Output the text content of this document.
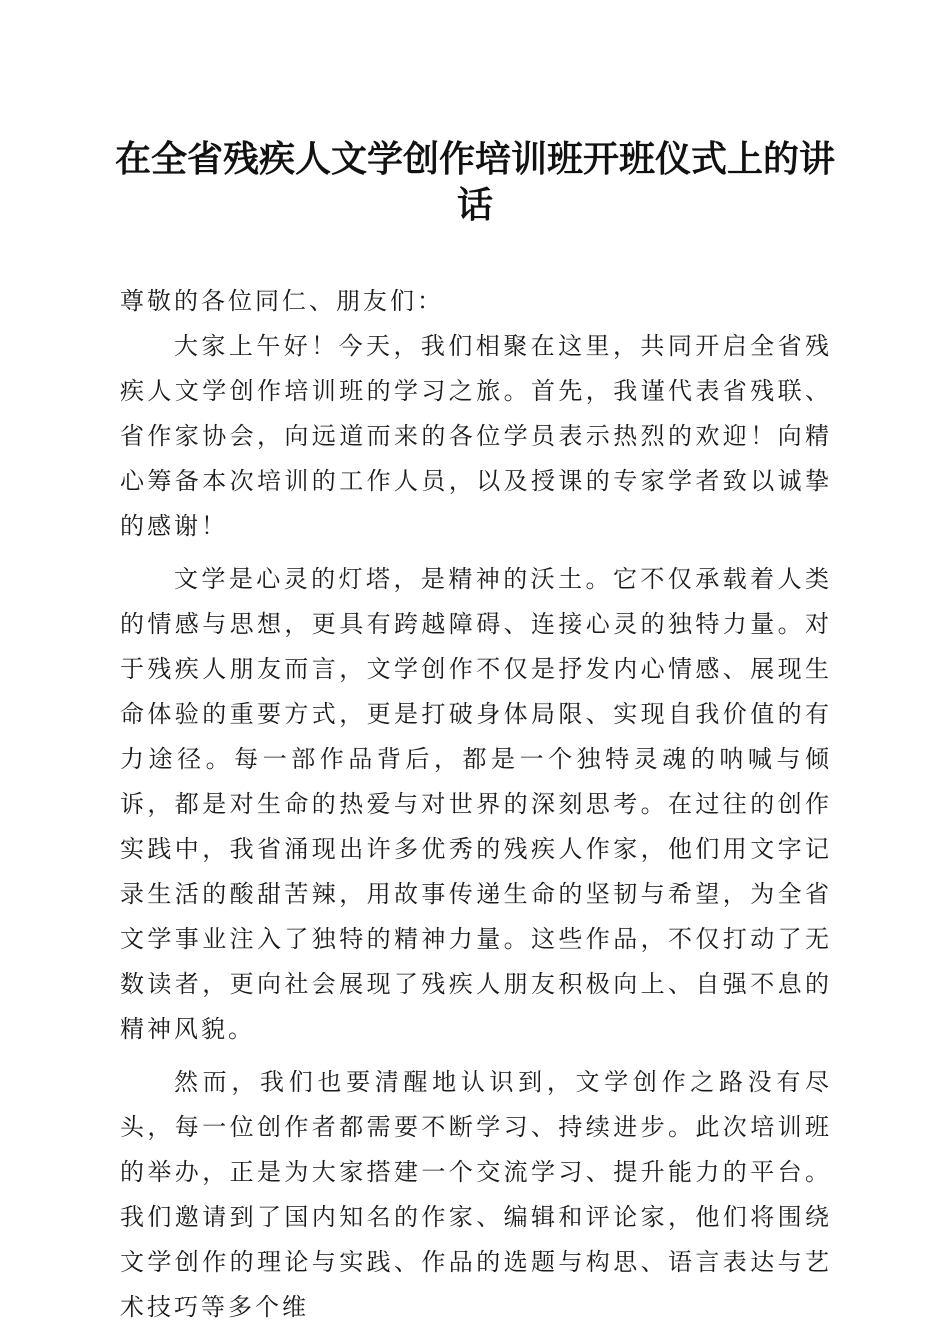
在全省残疾人文学创作培训班开班仪式上的讲话

尊敬的各位同仁、朋友们：

大家上午好！今天，我们相聚在这里，共同开启全省残疾人文学创作培训班的学习之旅。首先，我谨代表省残联、省作家协会，向远道而来的各位学员表示热烈的欢迎！向精心筹备本次培训的工作人员，以及授课的专家学者致以诚挚的感谢！

文学是心灵的灯塔，是精神的沃土。它不仅承载着人类的情感与思想，更具有跨越障碍、连接心灵的独特力量。对于残疾人朋友而言，文学创作不仅是抒发内心情感、展现生命体验的重要方式，更是打破身体局限、实现自我价值的有力途径。每一部作品背后，都是一个独特灵魂的呐喊与倾诉，都是对生命的热爱与对世界的深刻思考。在过往的创作实践中，我省涌现出许多优秀的残疾人作家，他们用文字记录生活的酸甜苦辣，用故事传递生命的坚韧与希望，为全省文学事业注入了独特的精神力量。这些作品，不仅打动了无数读者，更向社会展现了残疾人朋友积极向上、自强不息的精神风貌。

然而，我们也要清醒地认识到，文学创作之路没有尽头，每一位创作者都需要不断学习、持续进步。此次培训班的举办，正是为大家搭建一个交流学习、提升能力的平台。我们邀请到了国内知名的作家、编辑和评论家，他们将围绕文学创作的理论与实践、作品的选题与构思、语言表达与艺术技巧等多个维
